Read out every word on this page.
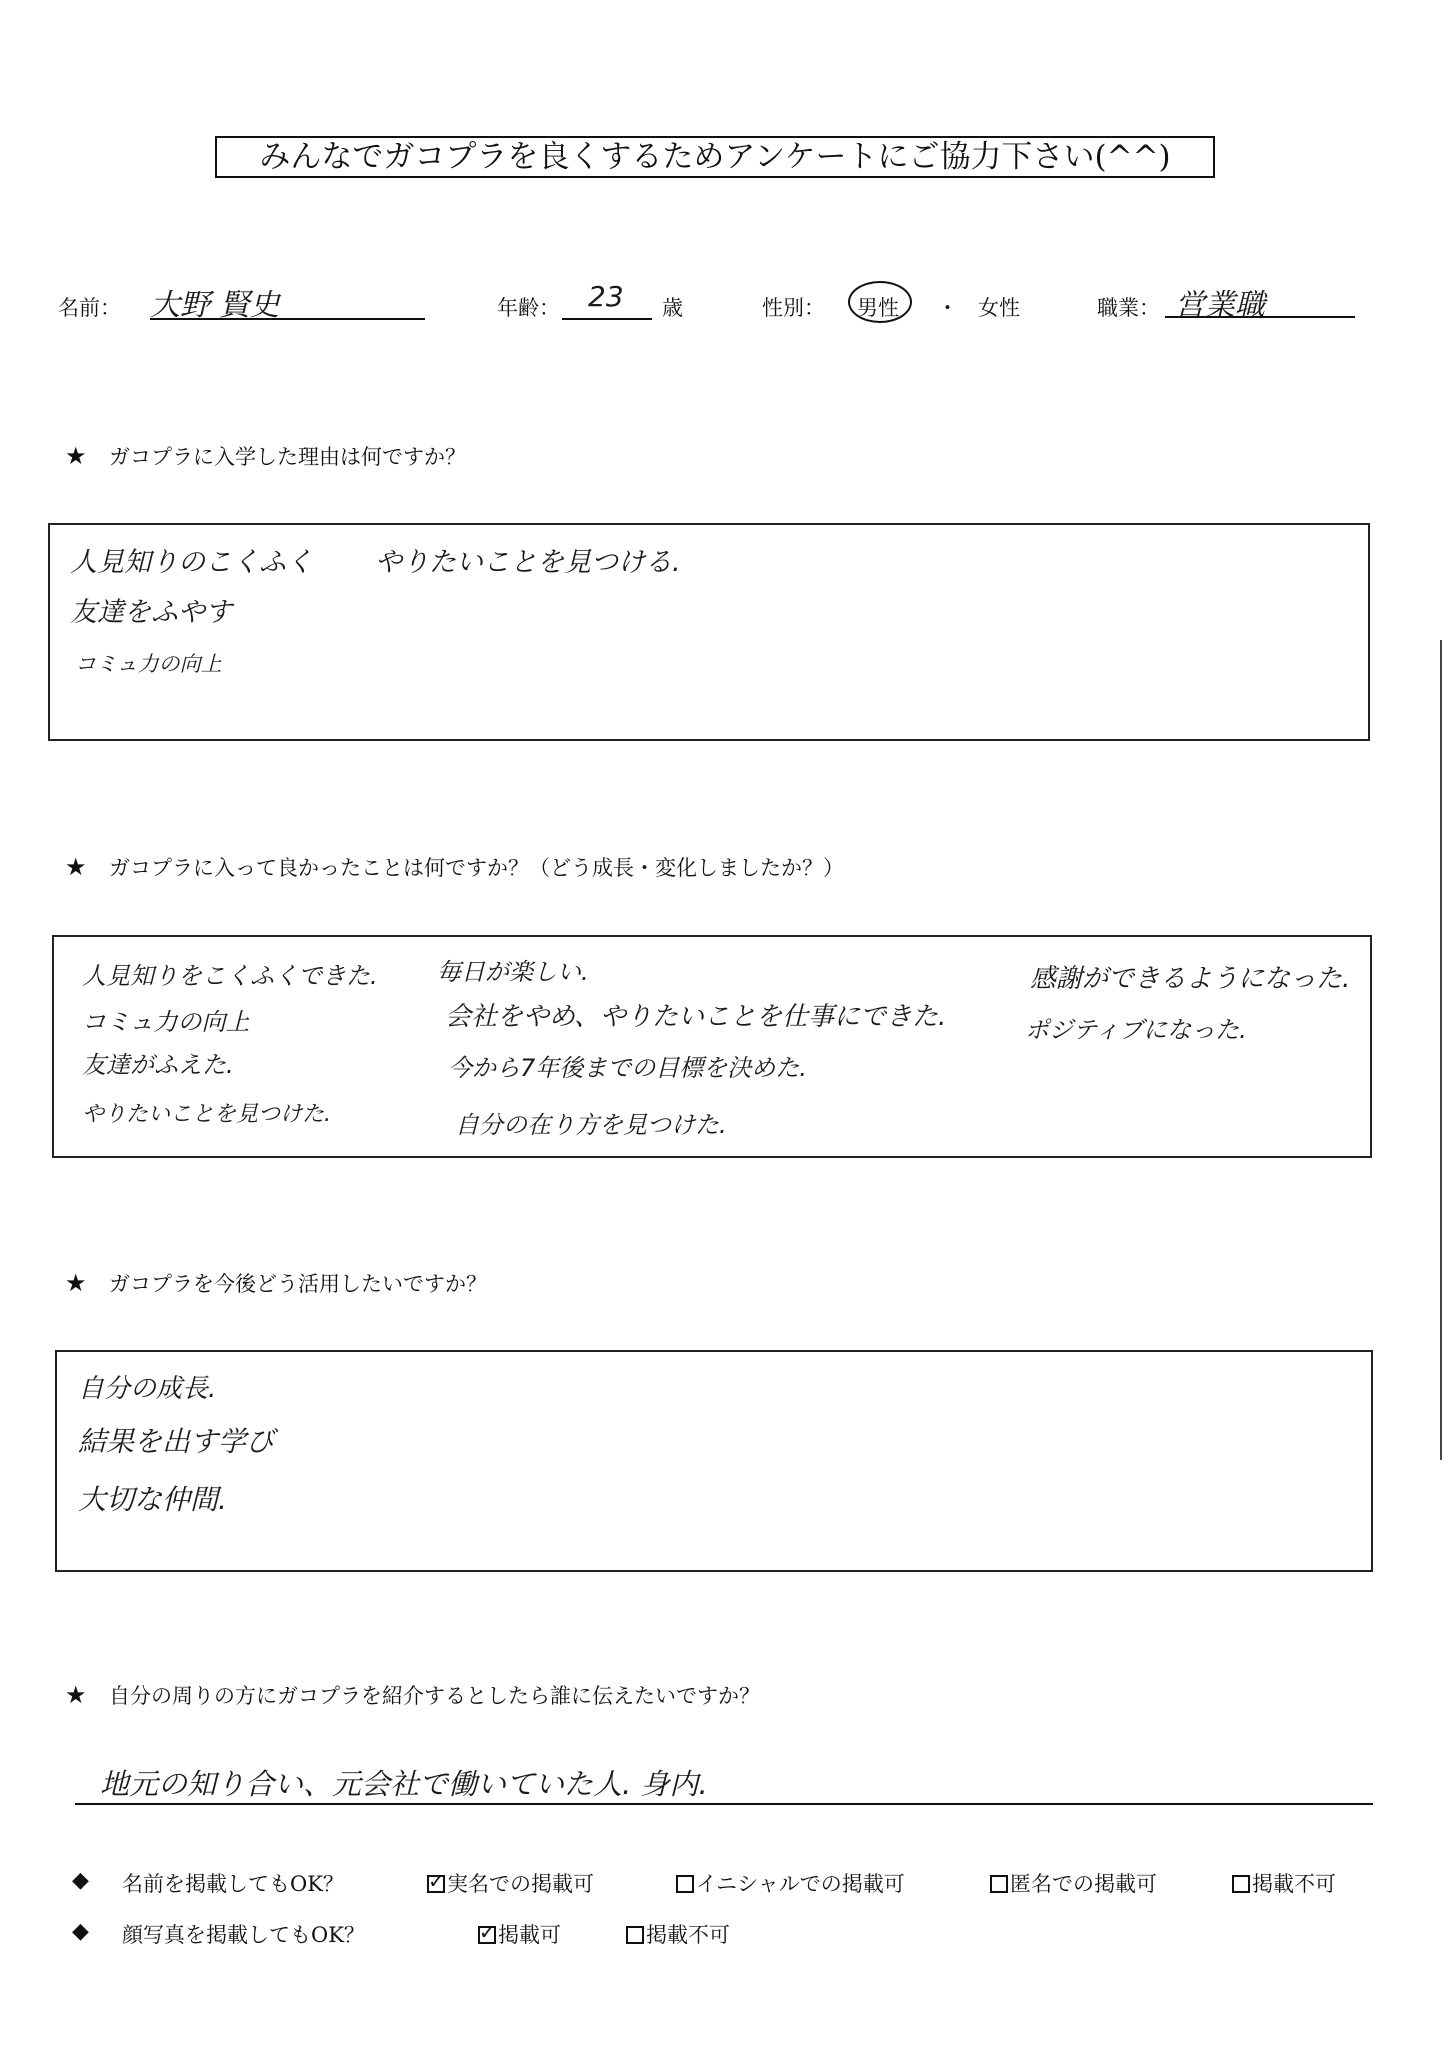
みんなでガコプラを良くするためアンケートにご協力下さい(^^)
名前： 大野 賢史	年齢： 23 歳	性別： 男性 ・ 女性	職業： 営業職
★ ガコプラに入学した理由は何ですか？
人見知りのこくふく やりたいことを見つける.
友達をふやす
コミュ力の向上
★ ガコプラに入って良かったことは何ですか？（どう成長・変化しましたか？）
人見知りをこくふくできた.
コミュ力の向上
友達がふえた.
やりたいことを見つけた.
毎日が楽しい.
会社をやめ、やりたいことを仕事にできた.
今から7年後までの目標を決めた.
自分の在り方を見つけた.
感謝ができるようになった.
ポジティブになった.
★ ガコプラを今後どう活用したいですか？
自分の成長.
結果を出す学び
大切な仲間.
★ 自分の周りの方にガコプラを紹介するとしたら誰に伝えたいですか？
地元の知り合い、元会社で働いていた人. 身内.
◆ 名前を掲載してもOK？	✓ 実名での掲載可	イニシャルでの掲載可	匿名での掲載可	掲載不可
◆ 顔写真を掲載してもOK？	✓ 掲載可	掲載不可
